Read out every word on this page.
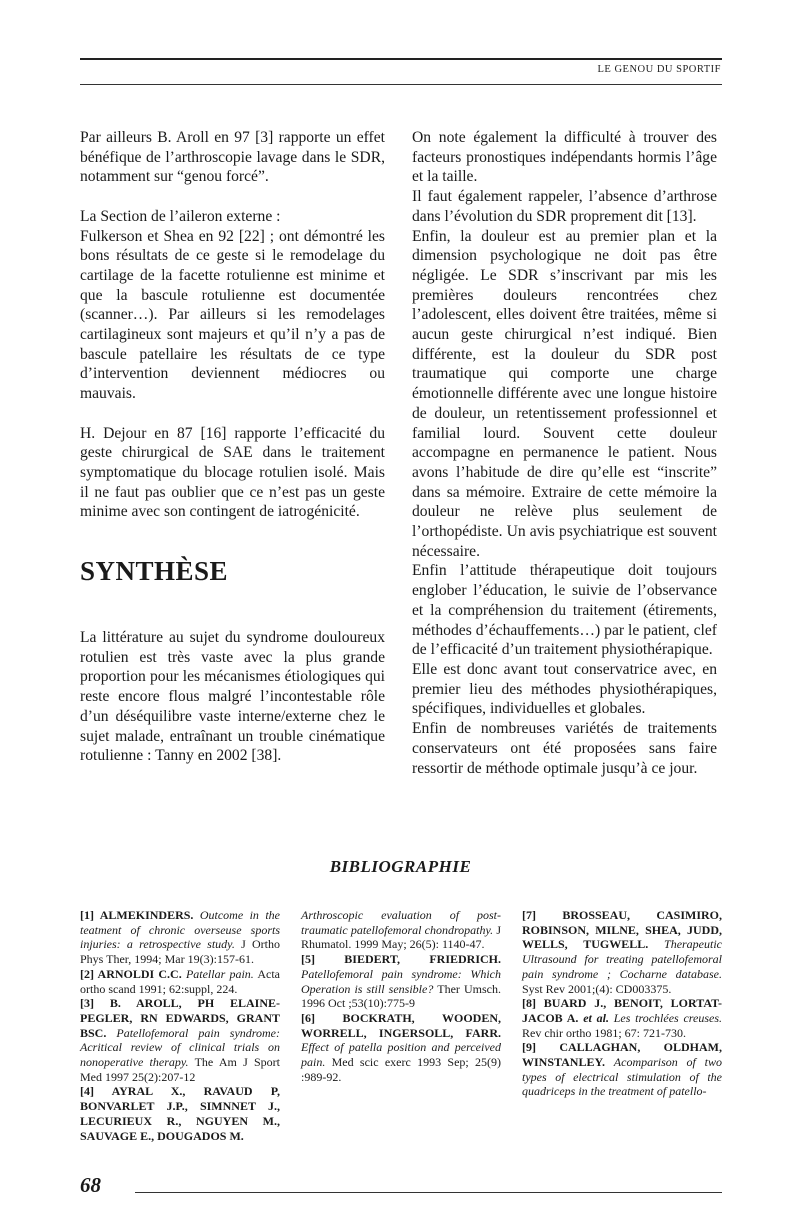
LE GENOU DU SPORTIF

Par ailleurs B. Aroll en 97 [3] rapporte un effet bénéfique de l’arthroscopie lavage dans le SDR, notamment sur “genou forcé”.

La Section de l’aileron externe :

Fulkerson et Shea en 92 [22] ; ont démontré les bons résultats de ce geste si le remodelage du cartilage de la facette rotulienne est minime et que la bascule rotulienne est documentée (scanner…). Par ailleurs si les remodelages cartilagineux sont majeurs et qu’il n’y a pas de bascule patellaire les résultats de ce type d’intervention deviennent médiocres ou mauvais.

H. Dejour en 87 [16] rapporte l’efficacité du geste chirurgical de SAE dans le traitement symptomatique du blocage rotulien isolé. Mais il ne faut pas oublier que ce n’est pas un geste minime avec son contingent de iatrogénicité.

SYNTHÈSE

La littérature au sujet du syndrome douloureux rotulien est très vaste avec la plus grande proportion pour les mécanismes étiologiques qui reste encore flous malgré l’incontestable rôle d’un déséquilibre vaste interne/externe chez le sujet malade, entraînant un trouble cinématique rotulienne : Tanny en 2002 [38].

On note également la difficulté à trouver des facteurs pronostiques indépendants hormis l’âge et la taille.

Il faut également rappeler, l’absence d’arthrose dans l’évolution du SDR proprement dit [13].

Enfin, la douleur est au premier plan et la dimension psychologique ne doit pas être négligée. Le SDR s’inscrivant par mis les premières douleurs rencontrées chez l’adolescent, elles doivent être traitées, même si aucun geste chirurgical n’est indiqué. Bien différente, est la douleur du SDR post traumatique qui comporte une charge émotionnelle différente avec une longue histoire de douleur, un retentissement professionnel et familial lourd. Souvent cette douleur accompagne en permanence le patient. Nous avons l’habitude de dire qu’elle est “inscrite” dans sa mémoire. Extraire de cette mémoire la douleur ne relève plus seulement de l’orthopédiste. Un avis psychiatrique est souvent nécessaire.

Enfin l’attitude thérapeutique doit toujours englober l’éducation, le suivie de l’observance et la compréhension du traitement (étirements, méthodes d’échauffements…) par le patient, clef de l’efficacité d’un traitement physiothérapique.

Elle est donc avant tout conservatrice avec, en premier lieu des méthodes physiothérapiques, spécifiques, individuelles et globales.

Enfin de nombreuses variétés de traitements conservateurs ont été proposées sans faire ressortir de méthode optimale jusqu’à ce jour.

BIBLIOGRAPHIE

[1] ALMEKINDERS. Outcome in the teatment of chronic overseuse sports injuries: a retrospective study. J Ortho Phys Ther, 1994; Mar 19(3):157-61.

[2] ARNOLDI C.C. Patellar pain. Acta ortho scand 1991; 62:suppl, 224.

[3] B. AROLL, PH ELAINE-PEGLER, RN EDWARDS, GRANT BSC. Patellofemoral pain syndrome: Acritical review of clinical trials on nonoperative therapy. The Am J Sport Med 1997 25(2):207-12

[4] AYRAL X., RAVAUD P, BONVARLET J.P., SIMNNET J., LECURIEUX R., NGUYEN M., SAUVAGE E., DOUGADOS M.

Arthroscopic evaluation of post-traumatic patellofemoral chondropathy. J Rhumatol. 1999 May; 26(5): 1140-47.

[5] BIEDERT, FRIEDRICH. Patellofemoral pain syndrome: Which Operation is still sensible? Ther Umsch. 1996 Oct ;53(10):775-9

[6] BOCKRATH, WOODEN, WORRELL, INGERSOLL, FARR. Effect of patella position and perceived pain. Med scic exerc 1993 Sep; 25(9) :989-92.

[7] BROSSEAU, CASIMIRO, ROBINSON, MILNE, SHEA, JUDD, WELLS, TUGWELL. Therapeutic Ultrasound for treating patellofemoral pain syndrome ; Cocharne database. Syst Rev 2001;(4): CD003375.

[8] BUARD J., BENOIT, LORTAT-JACOB A. et al. Les trochlées creuses. Rev chir ortho 1981; 67: 721-730.

[9] CALLAGHAN, OLDHAM, WINSTANLEY. Acomparison of two types of electrical stimulation of the quadriceps in the treatment of patello-

68
